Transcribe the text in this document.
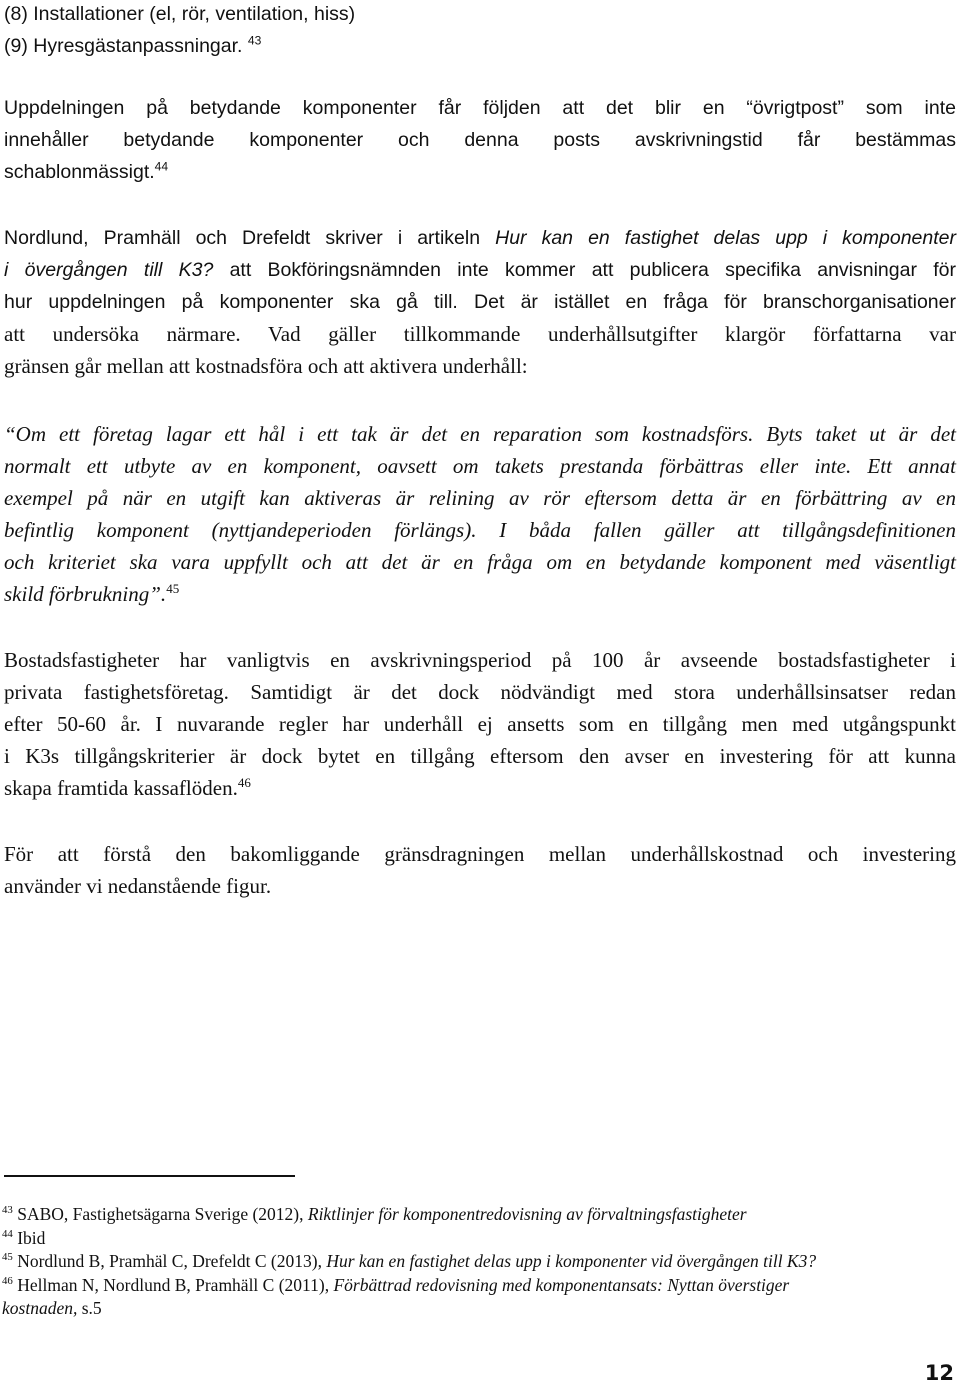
(8) Installationer (el, rör, ventilation, hiss)
(9) Hyresgästanpassningar. $^{43}$
Uppdelningen på betydande komponenter får följden att det blir en “övrigtpost” som inte
innehåller betydande komponenter och denna posts avskrivningstid får bestämmas
schablonmässigt.$^{44}$
Nordlund, Pramhäll och Drefeldt skriver i artikeln Hur kan en fastighet delas upp i komponenter
i övergången till K3? att Bokföringsnämnden inte kommer att publicera specifika anvisningar för
hur uppdelningen på komponenter ska gå till. Det är istället en fråga för branschorganisationer
att undersöka närmare. Vad gäller tillkommande underhållsutgifter klargör författarna var
gränsen går mellan att kostnadsföra och att aktivera underhåll:
“Om ett företag lagar ett hål i ett tak är det en reparation som kostnadsförs. Byts taket ut är det
normalt ett utbyte av en komponent, oavsett om takets prestanda förbättras eller inte. Ett annat
exempel på när en utgift kan aktiveras är relining av rör eftersom detta är en förbättring av en
befintlig komponent (nyttjandeperioden förlängs). I båda fallen gäller att tillgångsdefinitionen
och kriteriet ska vara uppfyllt och att det är en fråga om en betydande komponent med väsentligt
skild förbrukning”.$^{45}$
Bostadsfastigheter har vanligtvis en avskrivningsperiod på 100 år avseende bostadsfastigheter i
privata fastighetsföretag. Samtidigt är det dock nödvändigt med stora underhållsinsatser redan
efter 50-60 år. I nuvarande regler har underhåll ej ansetts som en tillgång men med utgångspunkt
i K3s tillgångskriterier är dock bytet en tillgång eftersom den avser en investering för att kunna
skapa framtida kassaflöden.$^{46}$
För att förstå den bakomliggande gränsdragningen mellan underhållskostnad och investering
använder vi nedanstående figur.
$^{43}$ SABO, Fastighetsägarna Sverige (2012), Riktlinjer för komponentredovisning av förvaltningsfastigheter
$^{44}$ Ibid
$^{45}$ Nordlund B, Pramhäl C, Drefeldt C (2013), Hur kan en fastighet delas upp i komponenter vid övergången till K3?
$^{46}$ Hellman N, Nordlund B, Pramhäll C (2011), Förbättrad redovisning med komponentansats: Nyttan överstiger
kostnaden, s.5
12
